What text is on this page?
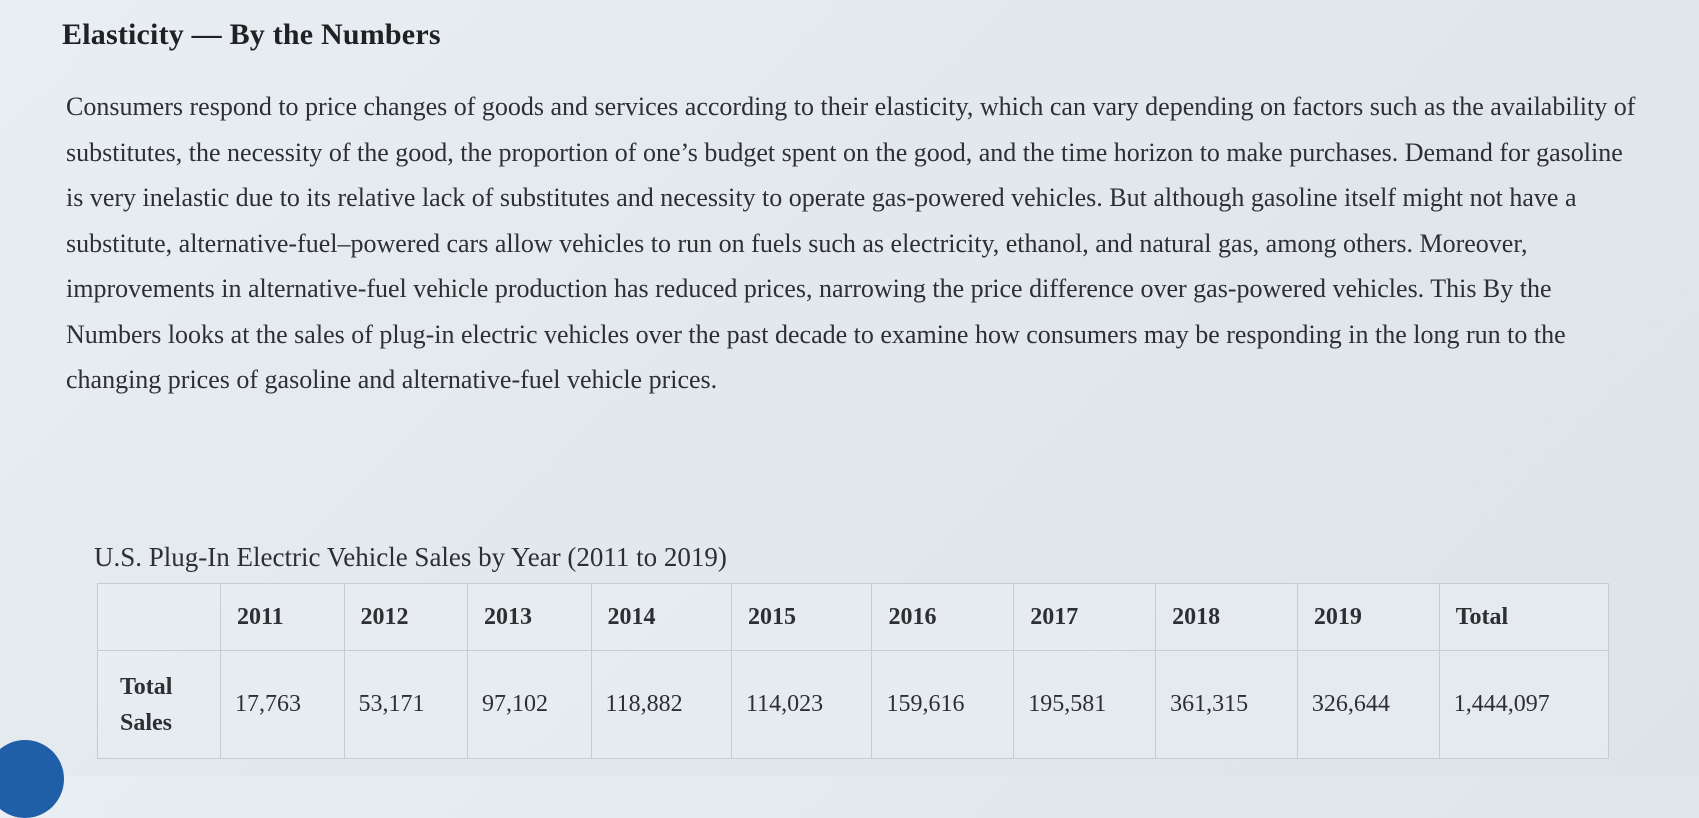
Elasticity — By the Numbers
Consumers respond to price changes of goods and services according to their elasticity, which can vary depending on factors such as the availability of substitutes, the necessity of the good, the proportion of one’s budget spent on the good, and the time horizon to make purchases. Demand for gasoline is very inelastic due to its relative lack of substitutes and necessity to operate gas-powered vehicles. But although gasoline itself might not have a substitute, alternative-fuel–powered cars allow vehicles to run on fuels such as electricity, ethanol, and natural gas, among others. Moreover, improvements in alternative-fuel vehicle production has reduced prices, narrowing the price difference over gas-powered vehicles. This By the Numbers looks at the sales of plug-in electric vehicles over the past decade to examine how consumers may be responding in the long run to the changing prices of gasoline and alternative-fuel vehicle prices.
U.S. Plug-In Electric Vehicle Sales by Year (2011 to 2019)
	2011	2012	2013	2014	2015	2016	2017	2018	2019	Total
Total
Sales	17,763	53,171	97,102	118,882	114,023	159,616	195,581	361,315	326,644	1,444,097
